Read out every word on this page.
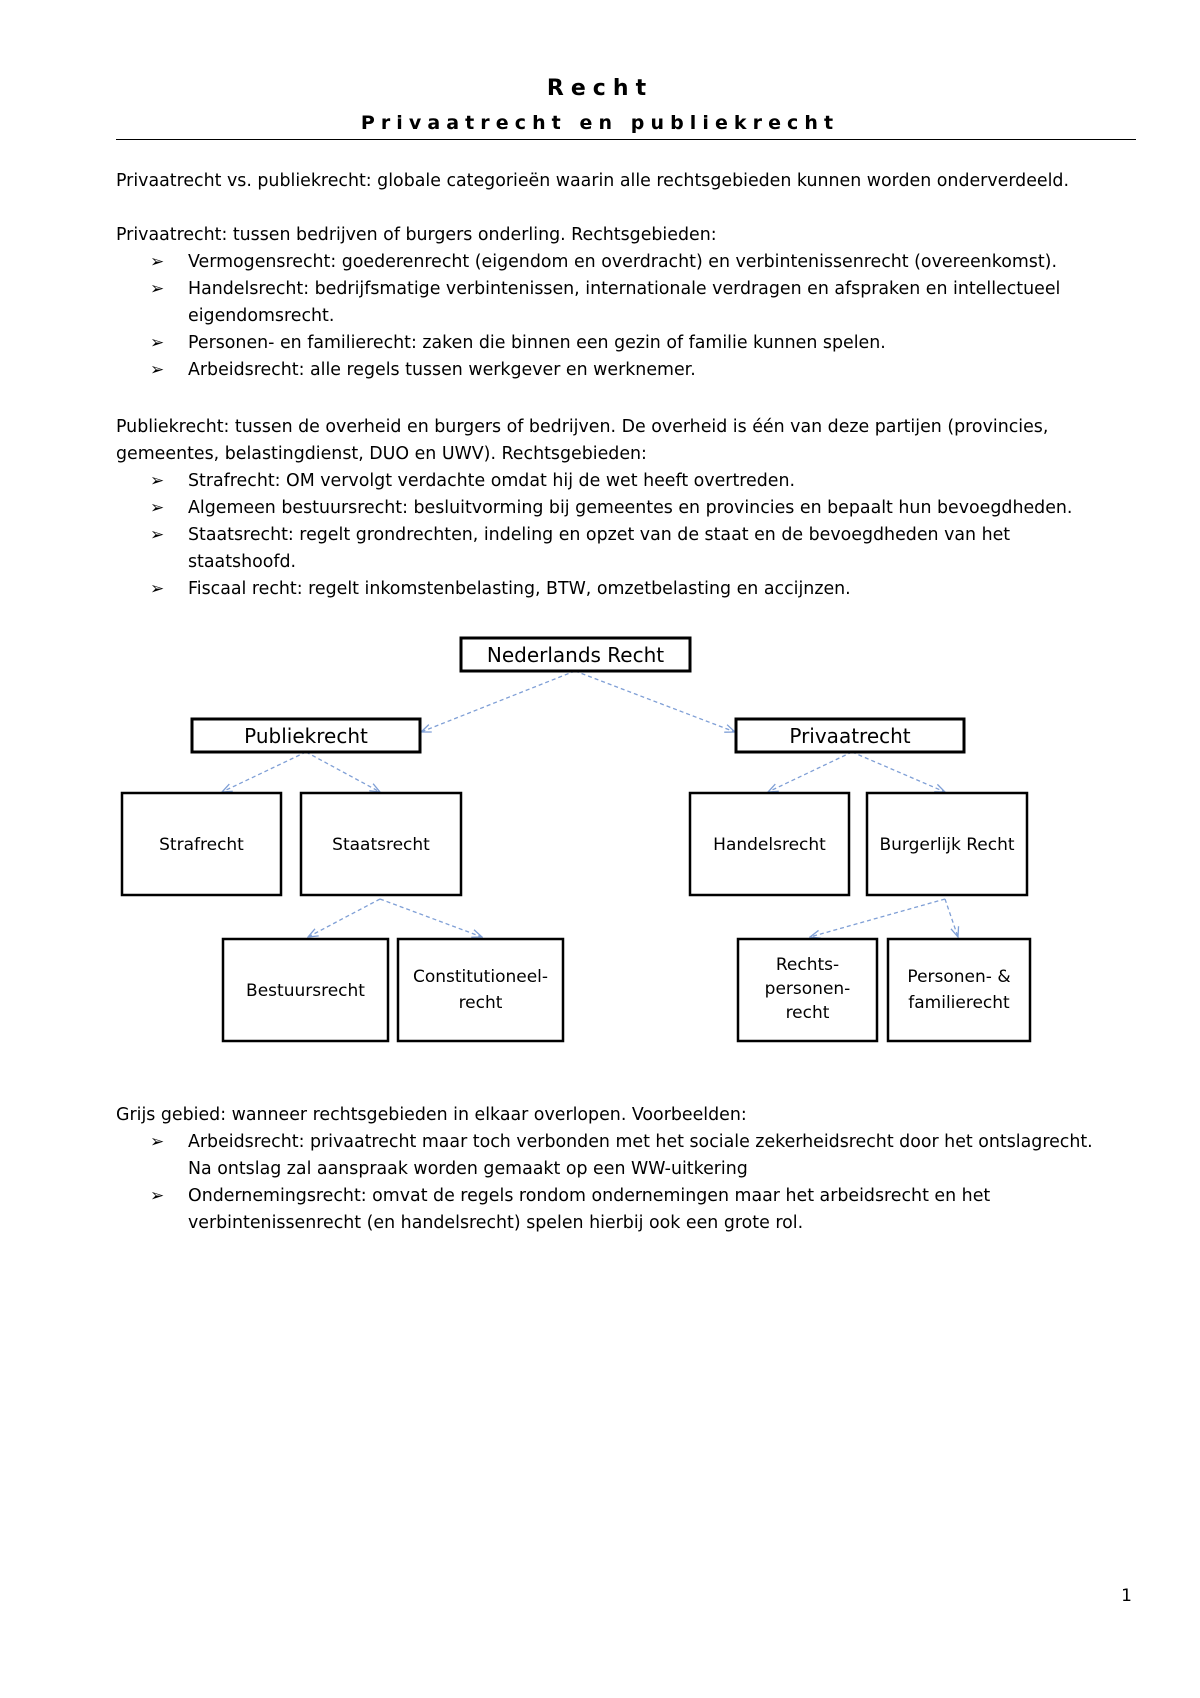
Recht
Privaatrecht en publiekrecht
Privaatrecht vs. publiekrecht: globale categorieën waarin alle rechtsgebieden kunnen worden onderverdeeld.
Privaatrecht: tussen bedrijven of burgers onderling. Rechtsgebieden:
➢ Vermogensrecht: goederenrecht (eigendom en overdracht) en verbintenissenrecht (overeenkomst).
➢ Handelsrecht: bedrijfsmatige verbintenissen, internationale verdragen en afspraken en intellectueel
eigendomsrecht.
➢ Personen- en familierecht: zaken die binnen een gezin of familie kunnen spelen.
➢ Arbeidsrecht: alle regels tussen werkgever en werknemer.
Publiekrecht: tussen de overheid en burgers of bedrijven. De overheid is één van deze partijen (provincies,
gemeentes, belastingdienst, DUO en UWV). Rechtsgebieden:
➢ Strafrecht: OM vervolgt verdachte omdat hij de wet heeft overtreden.
➢ Algemeen bestuursrecht: besluitvorming bij gemeentes en provincies en bepaalt hun bevoegdheden.
➢ Staatsrecht: regelt grondrechten, indeling en opzet van de staat en de bevoegdheden van het
staatshoofd.
➢ Fiscaal recht: regelt inkomstenbelasting, BTW, omzetbelasting en accijnzen.
Nederlands Recht
Publiekrecht	Privaatrecht
Strafrecht	Staatsrecht	Handelsrecht	Burgerlijk Recht
Bestuursrecht
Constitutioneel-
recht
Rechts-
personen-
recht
Personen- &
familierecht
Grijs gebied: wanneer rechtsgebieden in elkaar overlopen. Voorbeelden:
➢ Arbeidsrecht: privaatrecht maar toch verbonden met het sociale zekerheidsrecht door het ontslagrecht.
Na ontslag zal aanspraak worden gemaakt op een WW-uitkering
➢ Ondernemingsrecht: omvat de regels rondom ondernemingen maar het arbeidsrecht en het
verbintenissenrecht (en handelsrecht) spelen hierbij ook een grote rol.
1
